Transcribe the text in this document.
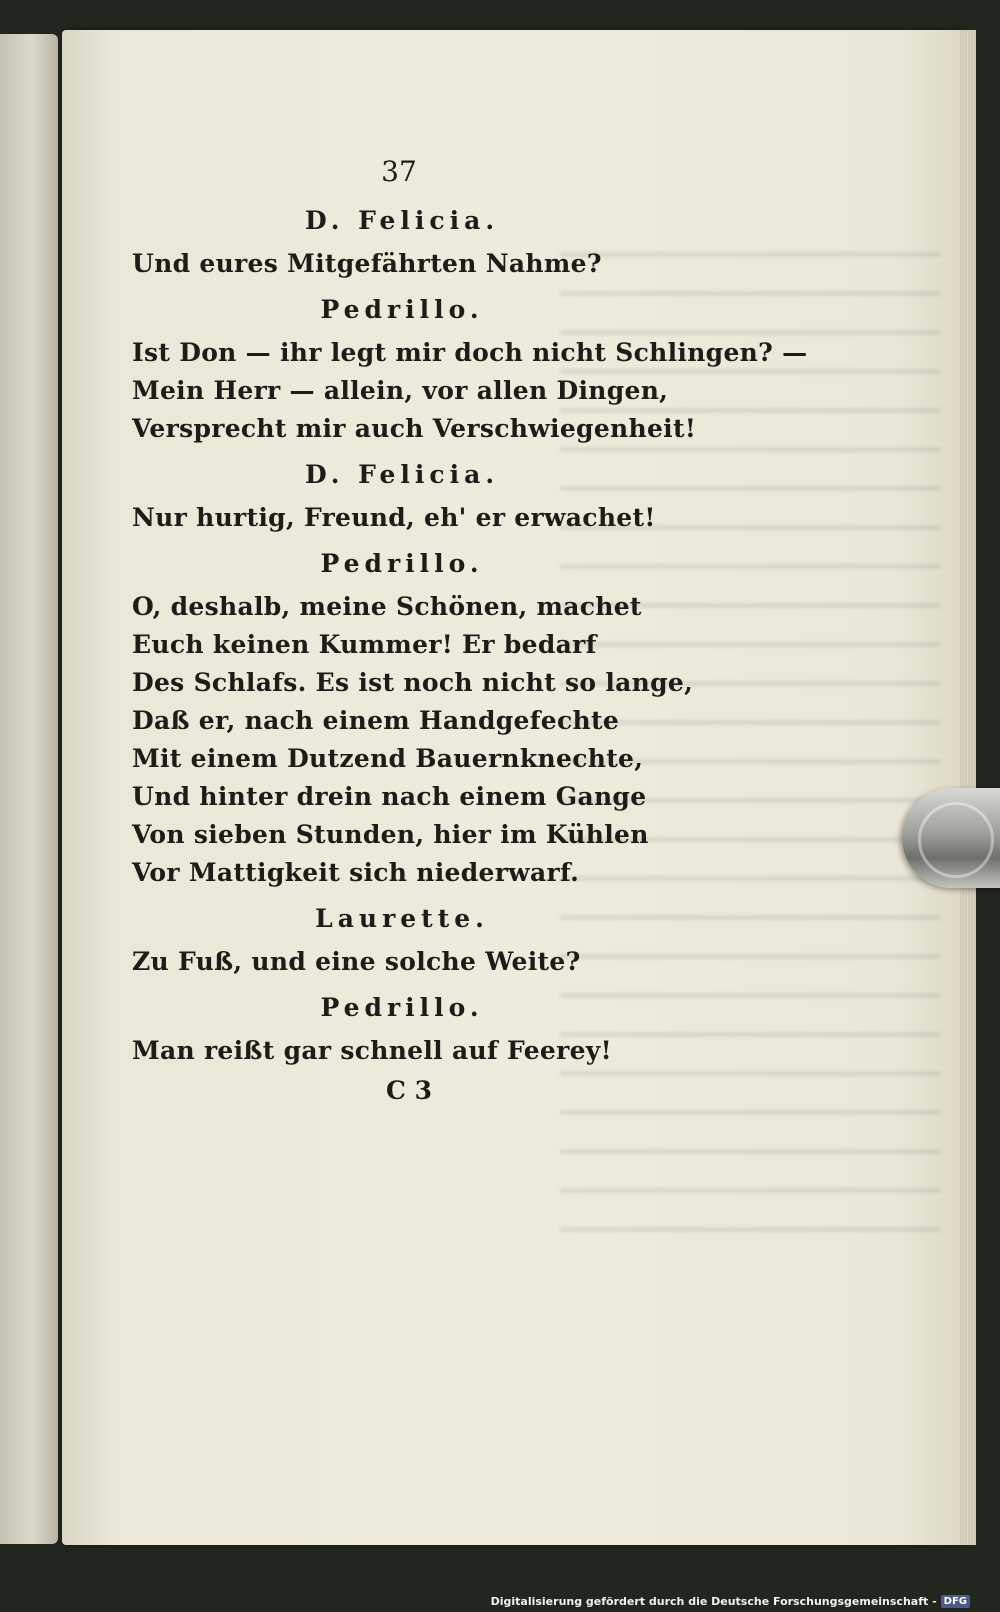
37
D. Felicia.
Und eures Mitgefährten Nahme?
Pedrillo.
Ist Don — ihr legt mir doch nicht Schlingen? —
Mein Herr — allein, vor allen Dingen,
Versprecht mir auch Verschwiegenheit!
D. Felicia.
Nur hurtig, Freund, eh' er erwachet!
Pedrillo.
O, deshalb, meine Schönen, machet
Euch keinen Kummer! Er bedarf
Des Schlafs. Es ist noch nicht so lange,
Daß er, nach einem Handgefechte
Mit einem Dutzend Bauernknechte,
Und hinter drein nach einem Gange
Von sieben Stunden, hier im Kühlen
Vor Mattigkeit sich niederwarf.
Laurette.
Zu Fuß, und eine solche Weite?
Pedrillo.
Man reißt gar schnell auf Feerey!
C 3
Digitalisierung gefördert durch die Deutsche Forschungsgemeinschaft - DFG
